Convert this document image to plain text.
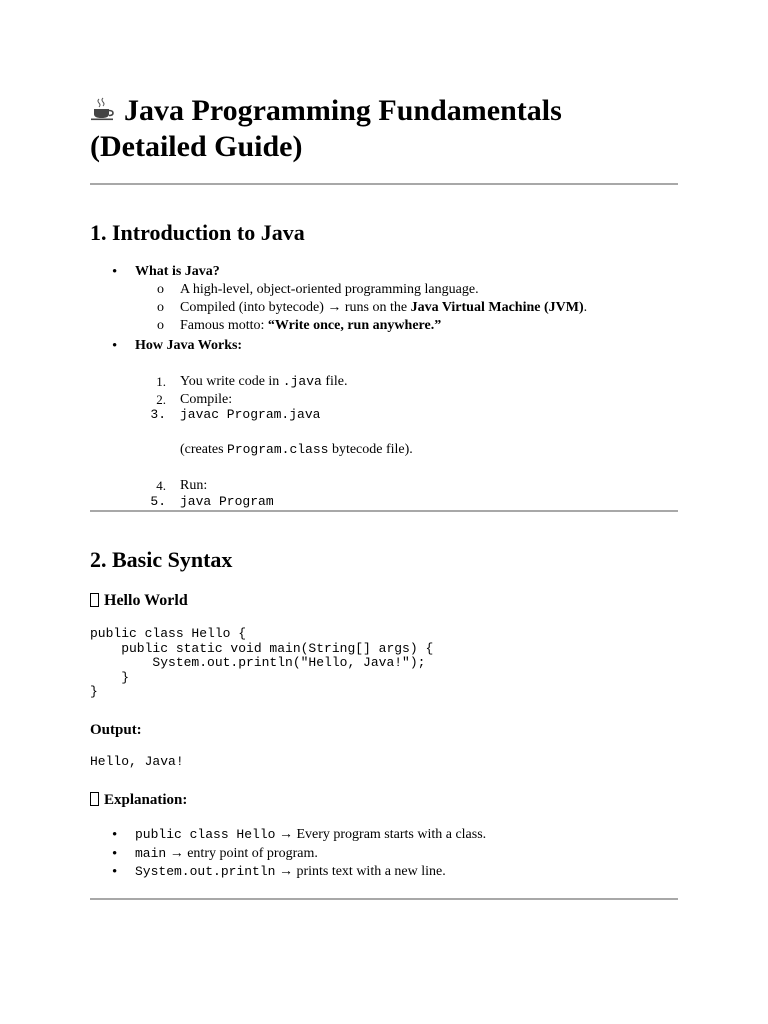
Java Programming Fundamentals (Detailed Guide)
1. Introduction to Java
• What is Java?
o A high-level, object-oriented programming language.
o Compiled (into bytecode) → runs on the Java Virtual Machine (JVM).
o Famous motto: “Write once, run anywhere.”
• How Java Works:
1. You write code in .java file.
2. Compile:
3. javac Program.java
(creates Program.class bytecode file).
4. Run:
5. java Program
2. Basic Syntax
Hello World
public class Hello {
public static void main(String[] args) {
System.out.println("Hello, Java!");
}
}
Output:
Hello, Java!
Explanation:
• public class Hello → Every program starts with a class.
• main → entry point of program.
• System.out.println → prints text with a new line.
